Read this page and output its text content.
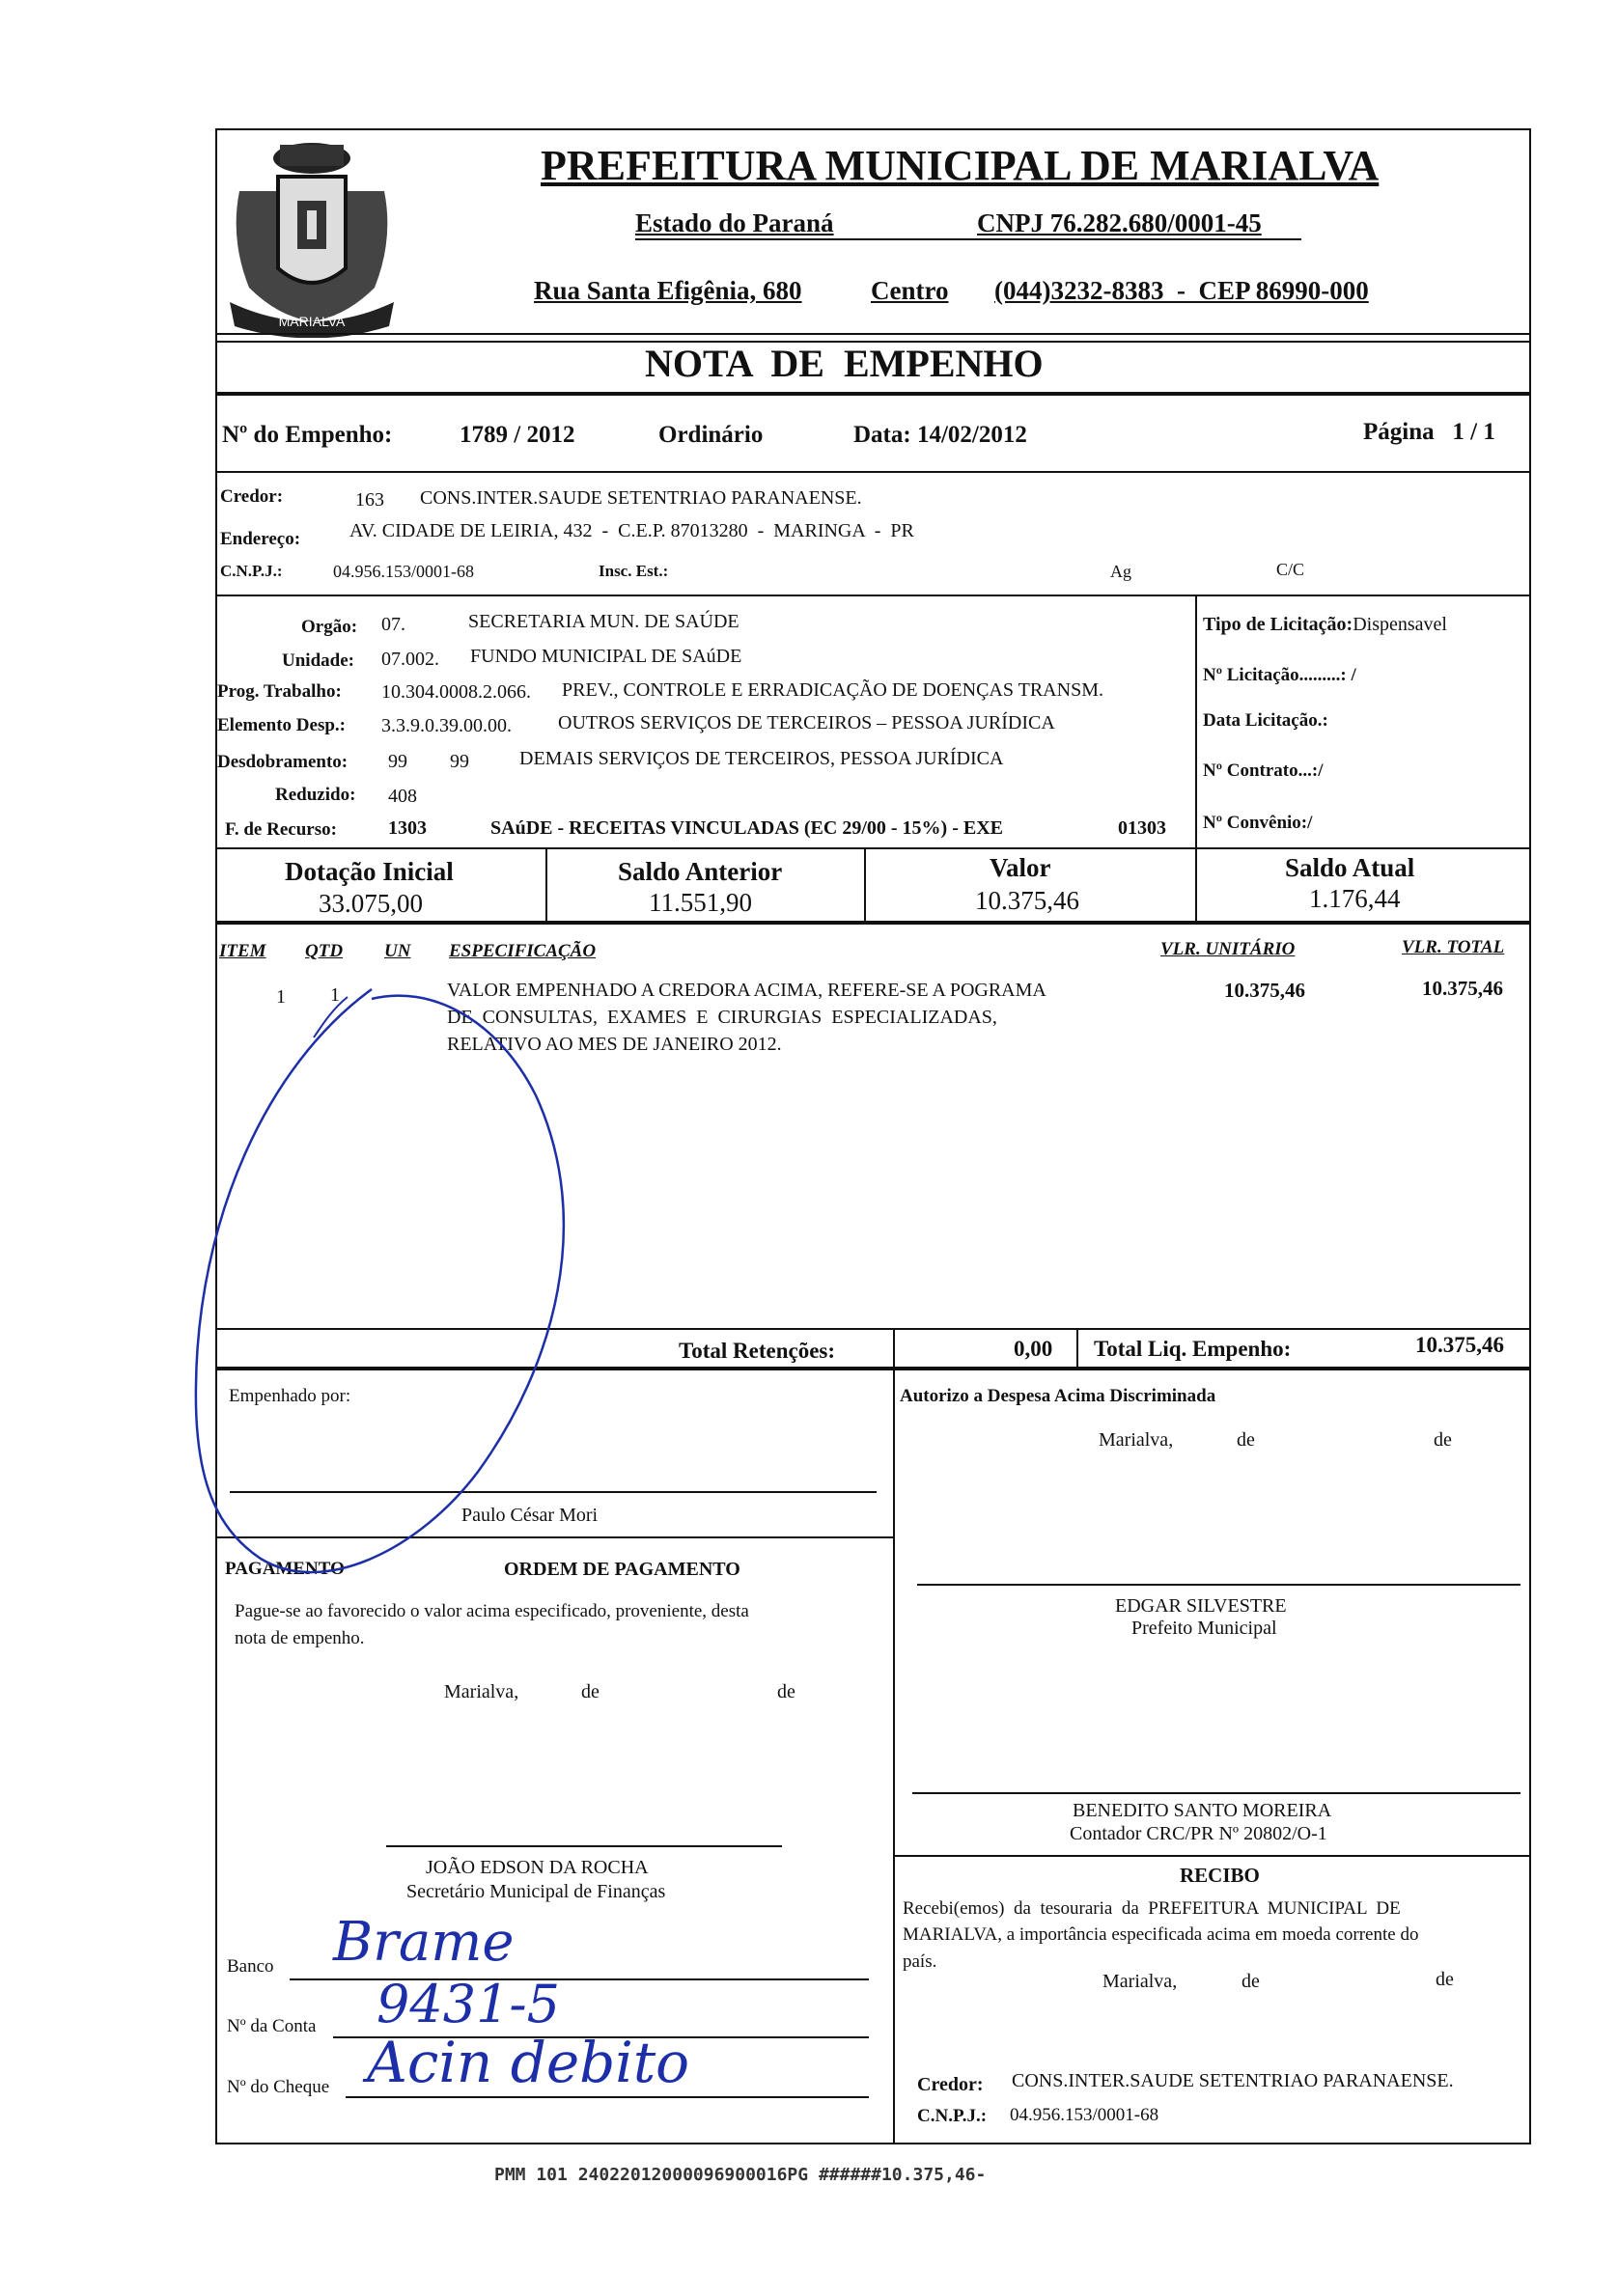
MARIALVA
PREFEITURA MUNICIPAL DE MARIALVA
Estado do Paraná	CNPJ 76.282.680/0001-45
Rua Santa Efigênia, 680	Centro (044)3232-8383  -  CEP 86990-000
NOTA  DE  EMPENHO
Nº do Empenho:	1789 / 2012	Ordinário	Data: 14/02/2012	Página   1 / 1
Credor:	163 CONS.INTER.SAUDE SETENTRIAO PARANAENSE.
Endereço:	AV. CIDADE DE LEIRIA, 432  -  C.E.P. 87013280  -  MARINGA  -  PR
C.N.P.J.:	04.956.153/0001-68	Insc. Est.:	Ag	C/C
Orgão: 07.	SECRETARIA MUN. DE SAÚDE
Unidade: 07.002. FUNDO MUNICIPAL DE SAúDE
Prog. Trabalho: 10.304.0008.2.066. PREV., CONTROLE E ERRADICAÇÃO DE DOENÇAS TRANSM.
Elemento Desp.: 3.3.9.0.39.00.00. OUTROS SERVIÇOS DE TERCEIROS – PESSOA JURÍDICA
Desdobramento: 99 99	DEMAIS SERVIÇOS DE TERCEIROS, PESSOA JURÍDICA
Reduzido: 408
F. de Recurso:	1303	SAúDE - RECEITAS VINCULADAS (EC 29/00 - 15%) - EXE	01303
Tipo de Licitação:Dispensavel
Nº Licitação.........: /
Data Licitação.:
Nº Contrato...:/
Nº Convênio:/
Dotação Inicial
33.075,00
Saldo Anterior
11.551,90
Valor
10.375,46
Saldo Atual
1.176,44
ITEM QTD UN ESPECIFICAÇÃO	VLR. UNITÁRIO	VLR. TOTAL
1 1	VALOR EMPENHADO A CREDORA ACIMA, REFERE-SE A POGRAMA
DE  CONSULTAS,  EXAMES  E  CIRURGIAS  ESPECIALIZADAS,
RELATIVO AO MES DE JANEIRO 2012.
10.375,46	10.375,46
Total Retenções:	0,00 Total Liq. Empenho:	10.375,46
Empenhado por:
Paulo César Mori
PAGAMENTO	ORDEM DE PAGAMENTO
Pague-se ao favorecido o valor acima especificado, proveniente, desta
nota de empenho.
Marialva,	de	de
JOÃO EDSON DA ROCHA
Secretário Municipal de Finanças
Banco Brame
Nº da Conta 9431-5
Nº do Cheque Acin debito
Autorizo a Despesa Acima Discriminada
Marialva,	de	de
EDGAR SILVESTRE
Prefeito Municipal
BENEDITO SANTO MOREIRA
Contador CRC/PR Nº 20802/O-1
RECIBO
Recebi(emos)  da  tesouraria  da  PREFEITURA  MUNICIPAL  DE
MARIALVA, a importância especificada acima em moeda corrente do
país.
Marialva,	de	de
Credor: CONS.INTER.SAUDE SETENTRIAO PARANAENSE.
C.N.P.J.: 04.956.153/0001-68
PMM 101 24022012000096900016PG ######10.375,46-
